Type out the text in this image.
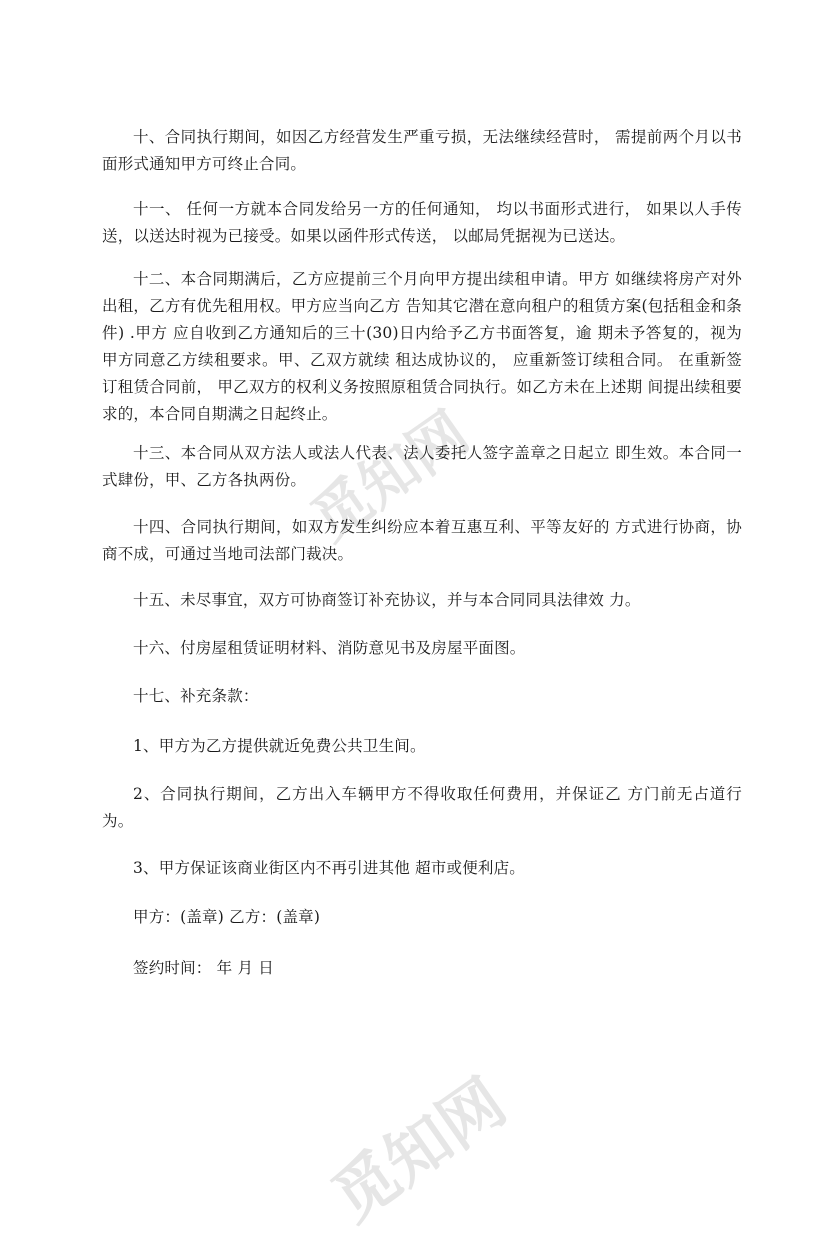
觅知网
觅知网

十、合同执行期间，如因乙方经营发生严重亏损，无法继续经营时， 需提前两个月以书面形式通知甲方可终止合同。

十一、 任何一方就本合同发给另一方的任何通知， 均以书面形式进行， 如果以人手传送，以送达时视为已接受。如果以函件形式传送， 以邮局凭据视为已送达。

十二、本合同期满后，乙方应提前三个月向甲方提出续租申请。甲方 如继续将房产对外出租，乙方有优先租用权。甲方应当向乙方 告知其它潜在意向租户的租赁方案(包括租金和条件) .甲方 应自收到乙方通知后的三十(30)日内给予乙方书面答复，逾 期未予答复的，视为甲方同意乙方续租要求。甲、乙双方就续 租达成协议的， 应重新签订续租合同。 在重新签订租赁合同前， 甲乙双方的权利义务按照原租赁合同执行。如乙方未在上述期 间提出续租要求的，本合同自期满之日起终止。

十三、本合同从双方法人或法人代表、法人委托人签字盖章之日起立 即生效。本合同一式肆份，甲、乙方各执两份。

十四、合同执行期间，如双方发生纠纷应本着互惠互利、平等友好的 方式进行协商，协商不成，可通过当地司法部门裁决。

十五、未尽事宜，双方可协商签订补充协议，并与本合同同具法律效 力。

十六、付房屋租赁证明材料、消防意见书及房屋平面图。

十七、补充条款：

1、甲方为乙方提供就近免费公共卫生间。

2、合同执行期间，乙方出入车辆甲方不得收取任何费用，并保证乙 方门前无占道行为。

3、甲方保证该商业街区内不再引进其他 超市或便利店。

甲方：(盖章) 乙方：(盖章)

签约时间： 年 月 日
